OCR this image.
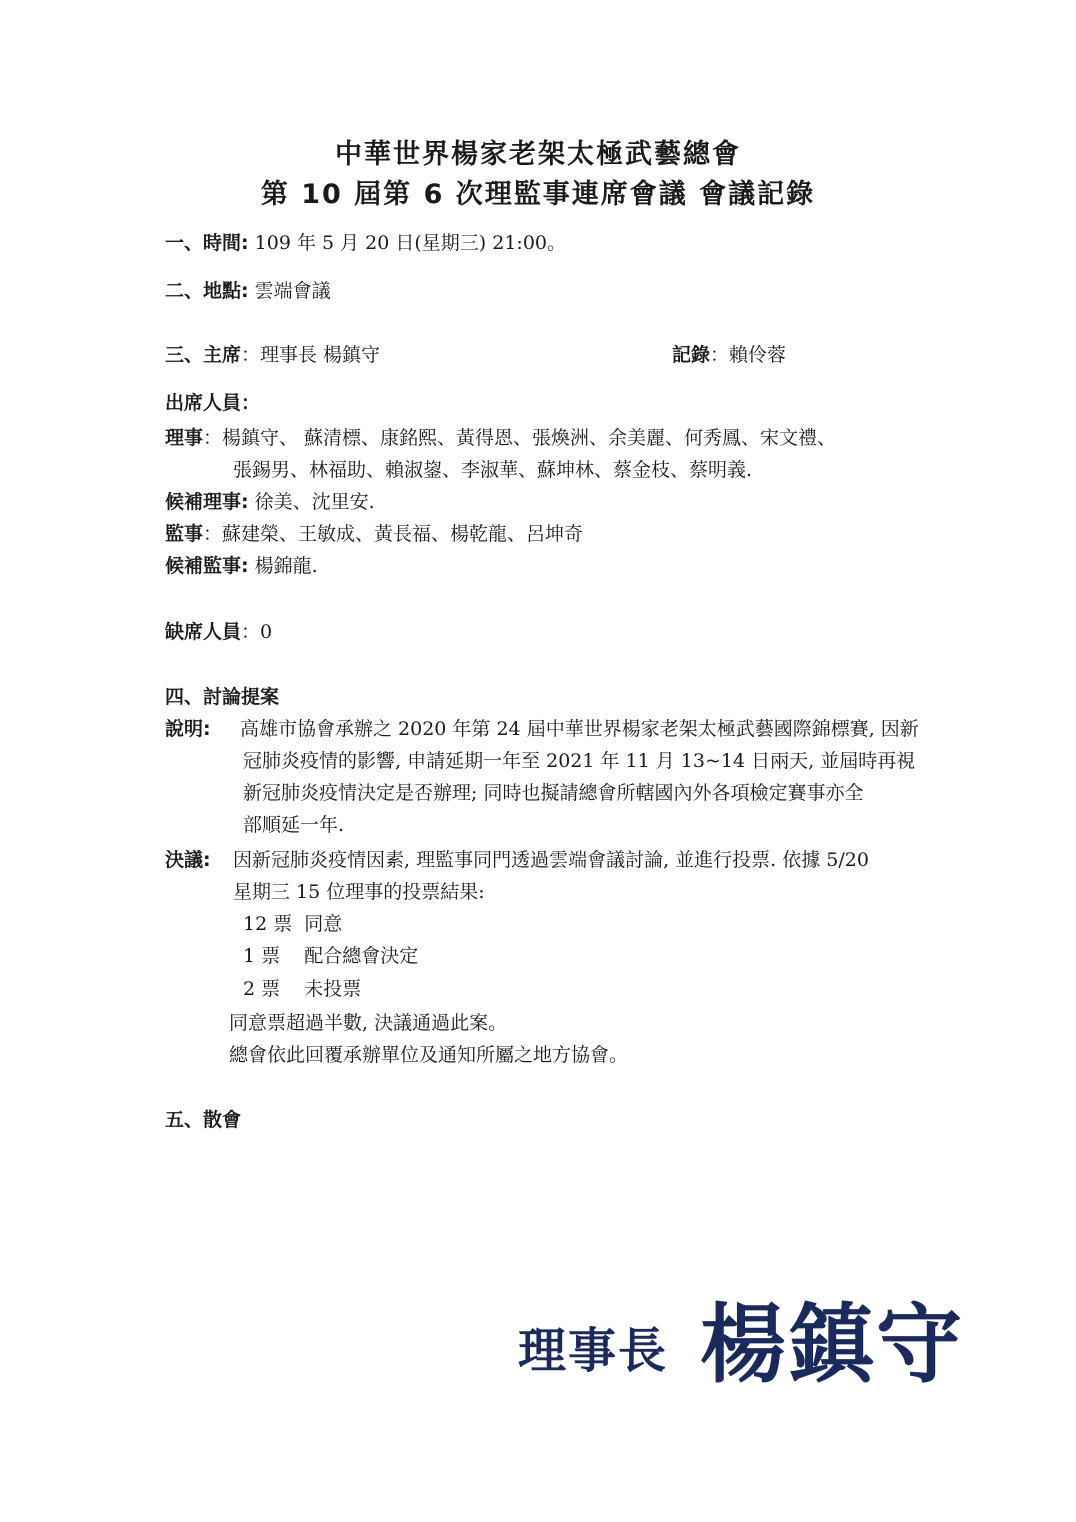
中華世界楊家老架太極武藝總會
第 10 屆第 6 次理監事連席會議 會議記錄
一、時間: 109 年 5 月 20 日(星期三) 21:00。
二、地點: 雲端會議
三、主席：理事長 楊鎮守	記錄：賴伶蓉
出席人員：
理事：楊鎮守、 蘇清標、康銘熙、黃得恩、張煥洲、余美麗、何秀鳳、宋文禮、
張錫男、林福助、賴淑鋆、李淑華、蘇坤林、蔡金枝、蔡明義.
候補理事: 徐美、沈里安.
監事：蘇建榮、王敏成、黃長福、楊乾龍、呂坤奇
候補監事: 楊錦龍.
缺席人員：0
四、討論提案
說明: 高雄市協會承辦之 2020 年第 24 屆中華世界楊家老架太極武藝國際錦標賽, 因新
冠肺炎疫情的影響, 申請延期一年至 2021 年 11 月 13~14 日兩天, 並屆時再視
新冠肺炎疫情決定是否辦理; 同時也擬請總會所轄國內外各項檢定賽事亦全
部順延一年.
決議: 因新冠肺炎疫情因素, 理監事同門透過雲端會議討論, 並進行投票. 依據 5/20
星期三 15 位理事的投票結果:
12 票  同意
1 票    配合總會決定
2 票    未投票
同意票超過半數, 決議通過此案。
總會依此回覆承辦單位及通知所屬之地方協會。
五、散會
理事長 楊鎮守
